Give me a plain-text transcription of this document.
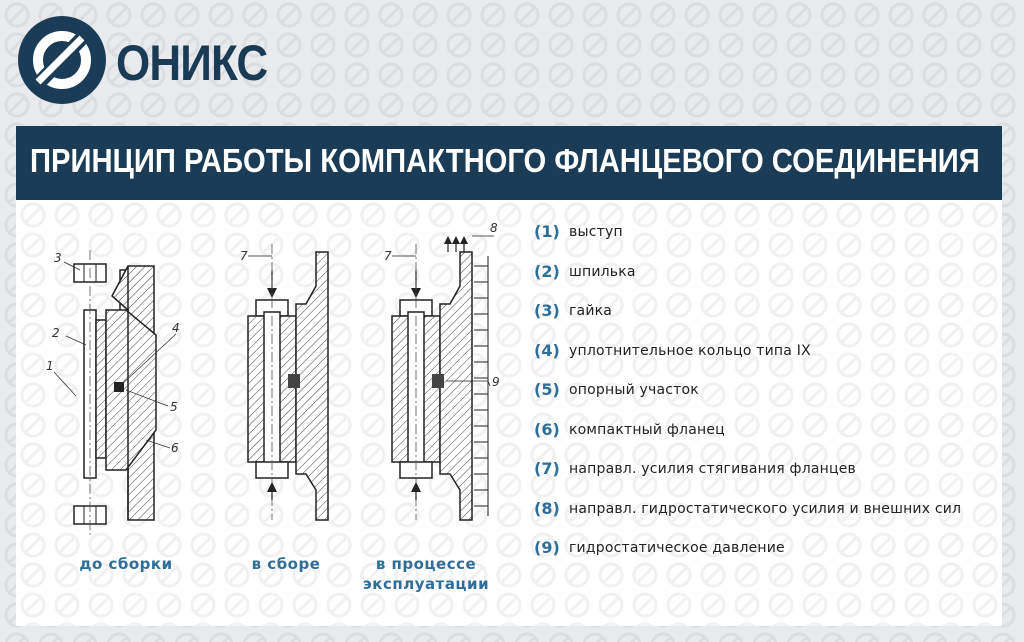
ОНИКС
ПРИНЦИП РАБОТЫ КОМПАКТНОГО ФЛАНЦЕВОГО СОЕДИНЕНИЯ
3
2
1
4
5
6
7	7
8
9
до сборки	в сборе	в процессе эксплуатации
(1) выступ
(2) шпилька
(3) гайка
(4) уплотнительное кольцо типа IX
(5) опорный участок
(6) компактный фланец
(7) направл. усилия стягивания фланцев
(8) направл. гидростатического усилия и внешних сил
(9) гидростатическое давление
